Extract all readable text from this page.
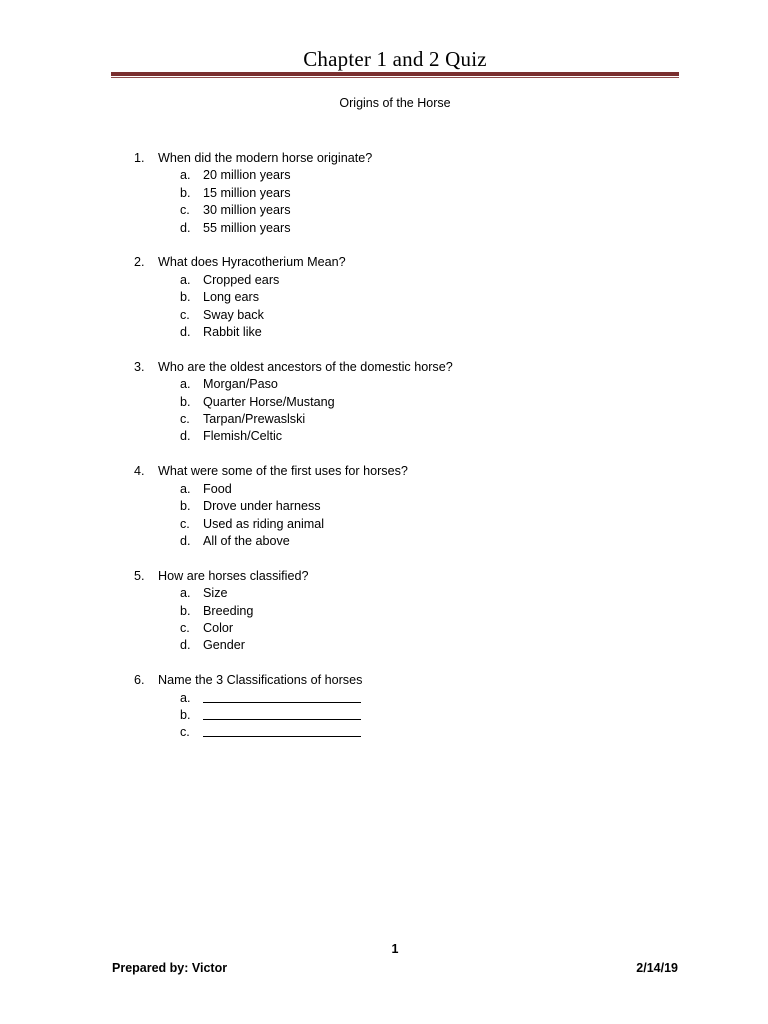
Chapter 1 and 2 Quiz
Origins of the Horse
1. When did the modern horse originate?
a. 20 million years
b. 15 million years
c. 30 million years
d. 55 million years
2. What does Hyracotherium Mean?
a. Cropped ears
b. Long ears
c. Sway back
d. Rabbit like
3. Who are the oldest ancestors of the domestic horse?
a. Morgan/Paso
b. Quarter Horse/Mustang
c. Tarpan/Prewaslski
d. Flemish/Celtic
4. What were some of the first uses for horses?
a. Food
b. Drove under harness
c. Used as riding animal
d. All of the above
5. How are horses classified?
a. Size
b. Breeding
c. Color
d. Gender
6. Name the 3 Classifications of horses
a.
b.
c.
1
Prepared by: Victor	2/14/19
